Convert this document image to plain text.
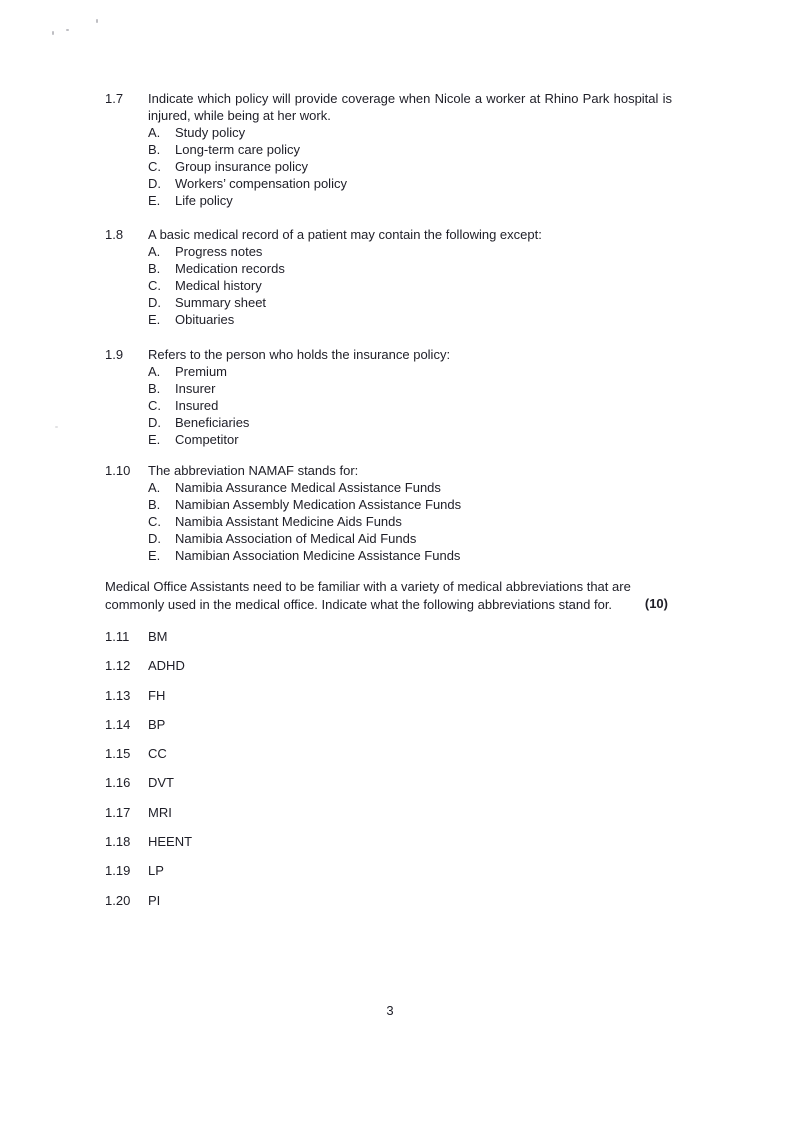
1.7	Indicate which policy will provide coverage when Nicole a worker at Rhino Park hospital is injured, while being at her work.
A.	Study policy
B.	Long-term care policy
C.	Group insurance policy
D.	Workers’ compensation policy
E.	Life policy
1.8	A basic medical record of a patient may contain the following except:
A.	Progress notes
B.	Medication records
C.	Medical history
D.	Summary sheet
E.	Obituaries
1.9	Refers to the person who holds the insurance policy:
A.	Premium
B.	Insurer
C.	Insured
D.	Beneficiaries
E.	Competitor
1.10	The abbreviation NAMAF stands for:
A.	Namibia Assurance Medical Assistance Funds
B.	Namibian Assembly Medication Assistance Funds
C.	Namibia Assistant Medicine Aids Funds
D.	Namibia Association of Medical Aid Funds
E.	Namibian Association Medicine Assistance Funds
Medical Office Assistants need to be familiar with a variety of medical abbreviations that are commonly used in the medical office. Indicate what the following abbreviations stand for.	(10)
1.11	BM
1.12	ADHD
1.13	FH
1.14	BP
1.15	CC
1.16	DVT
1.17	MRI
1.18	HEENT
1.19	LP
1.20	PI
3
